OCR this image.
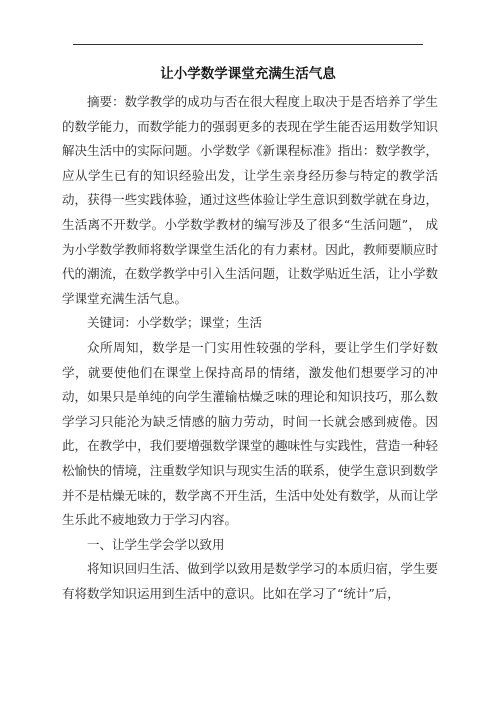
让小学数学课堂充满生活气息

摘要：数学教学的成功与否在很大程度上取决于是否培养了学生的数学能力，而数学能力的强弱更多的表现在学生能否运用数学知识解决生活中的实际问题。小学数学《新课程标准》指出：数学教学，应从学生已有的知识经验出发，让学生亲身经历参与特定的教学活动，获得一些实践体验，通过这些体验让学生意识到数学就在身边，生活离不开数学。小学数学教材的编写涉及了很多“生活问题”， 成为小学数学教师将数学课堂生活化的有力素材。因此，教师要顺应时代的潮流，在数学教学中引入生活问题，让数学贴近生活，让小学数学课堂充满生活气息。

关键词：小学数学；课堂；生活

众所周知，数学是一门实用性较强的学科，要让学生们学好数学，就要使他们在课堂上保持高昂的情绪，激发他们想要学习的冲动，如果只是单纯的向学生灌输枯燥乏味的理论和知识技巧，那么数学学习只能沦为缺乏情感的脑力劳动，时间一长就会感到疲倦。因此，在教学中，我们要增强数学课堂的趣味性与实践性，营造一种轻松愉快的情境，注重数学知识与现实生活的联系，使学生意识到数学并不是枯燥无味的，数学离不开生活，生活中处处有数学，从而让学生乐此不疲地致力于学习内容。

一、让学生学会学以致用

将知识回归生活、做到学以致用是数学学习的本质归宿，学生要有将数学知识运用到生活中的意识。比如在学习了“统计”后，
